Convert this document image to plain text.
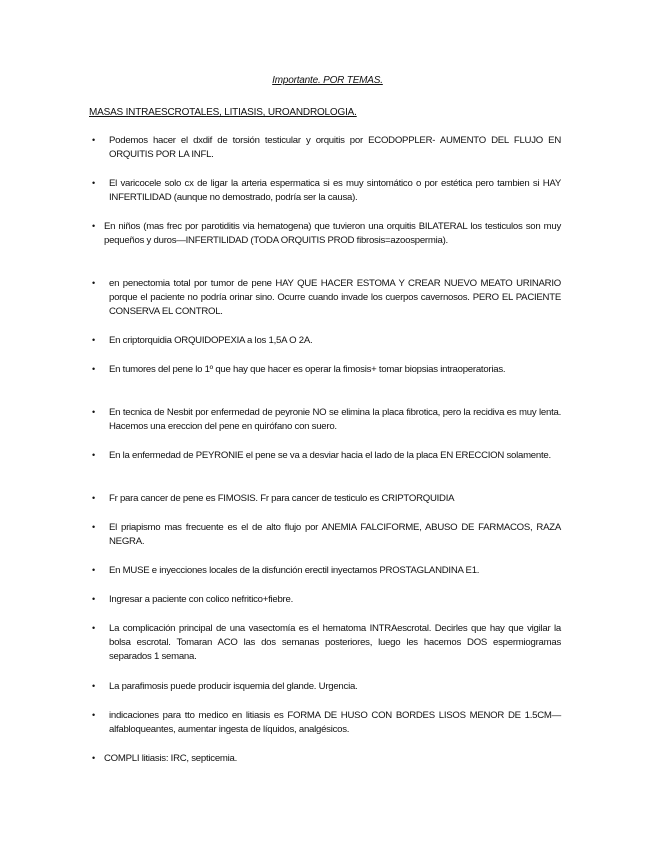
Importante. POR TEMAS.
MASAS INTRAESCROTALES, LITIASIS, UROANDROLOGIA.
• Podemos hacer el dxdif de torsión testicular y orquitis por ECODOPPLER- AUMENTO DEL FLUJO EN ORQUITIS POR LA INFL.
• El varicocele solo cx de ligar la arteria espermatica si es muy sintomático o por estética pero tambien si HAY INFERTILIDAD (aunque no demostrado, podría ser la causa).
• En niños (mas frec por parotiditis via hematogena) que tuvieron una orquitis BILATERAL los testiculos son muy pequeños y duros—INFERTILIDAD (TODA ORQUITIS PROD fibrosis=azoospermia).
• en penectomia total por tumor de pene HAY QUE HACER ESTOMA Y CREAR NUEVO MEATO URINARIO porque el paciente no podría orinar sino. Ocurre cuando invade los cuerpos cavernosos. PERO EL PACIENTE CONSERVA EL CONTROL.
• En criptorquidia ORQUIDOPEXIA a los 1,5A O 2A.
• En tumores del pene lo 1º que hay que hacer es operar la fimosis+ tomar biopsias intraoperatorias.
• En tecnica de Nesbit por enfermedad de peyronie NO se elimina la placa fibrotica, pero la recidiva es muy lenta. Hacemos una ereccion del pene en quirófano con suero.
• En la enfermedad de PEYRONIE el pene se va a desviar hacia el lado de la placa EN ERECCION solamente.
• Fr para cancer de pene es FIMOSIS. Fr para cancer de testiculo es CRIPTORQUIDIA
• El priapismo mas frecuente es el de alto flujo por ANEMIA FALCIFORME, ABUSO DE FARMACOS, RAZA NEGRA.
• En MUSE e inyecciones locales de la disfunción erectil inyectamos PROSTAGLANDINA E1.
• Ingresar a paciente con colico nefritico+fiebre.
• La complicación principal de una vasectomía es el hematoma INTRAescrotal. Decirles que hay que vigilar la bolsa escrotal. Tomaran ACO las dos semanas posteriores, luego les hacemos DOS espermiogramas separados 1 semana.
• La parafimosis puede producir isquemia del glande. Urgencia.
• indicaciones para tto medico en litiasis es FORMA DE HUSO CON BORDES LISOS MENOR DE 1.5CM— alfabloqueantes, aumentar ingesta de líquidos, analgésicos.
• COMPLI litiasis: IRC, septicemia.
